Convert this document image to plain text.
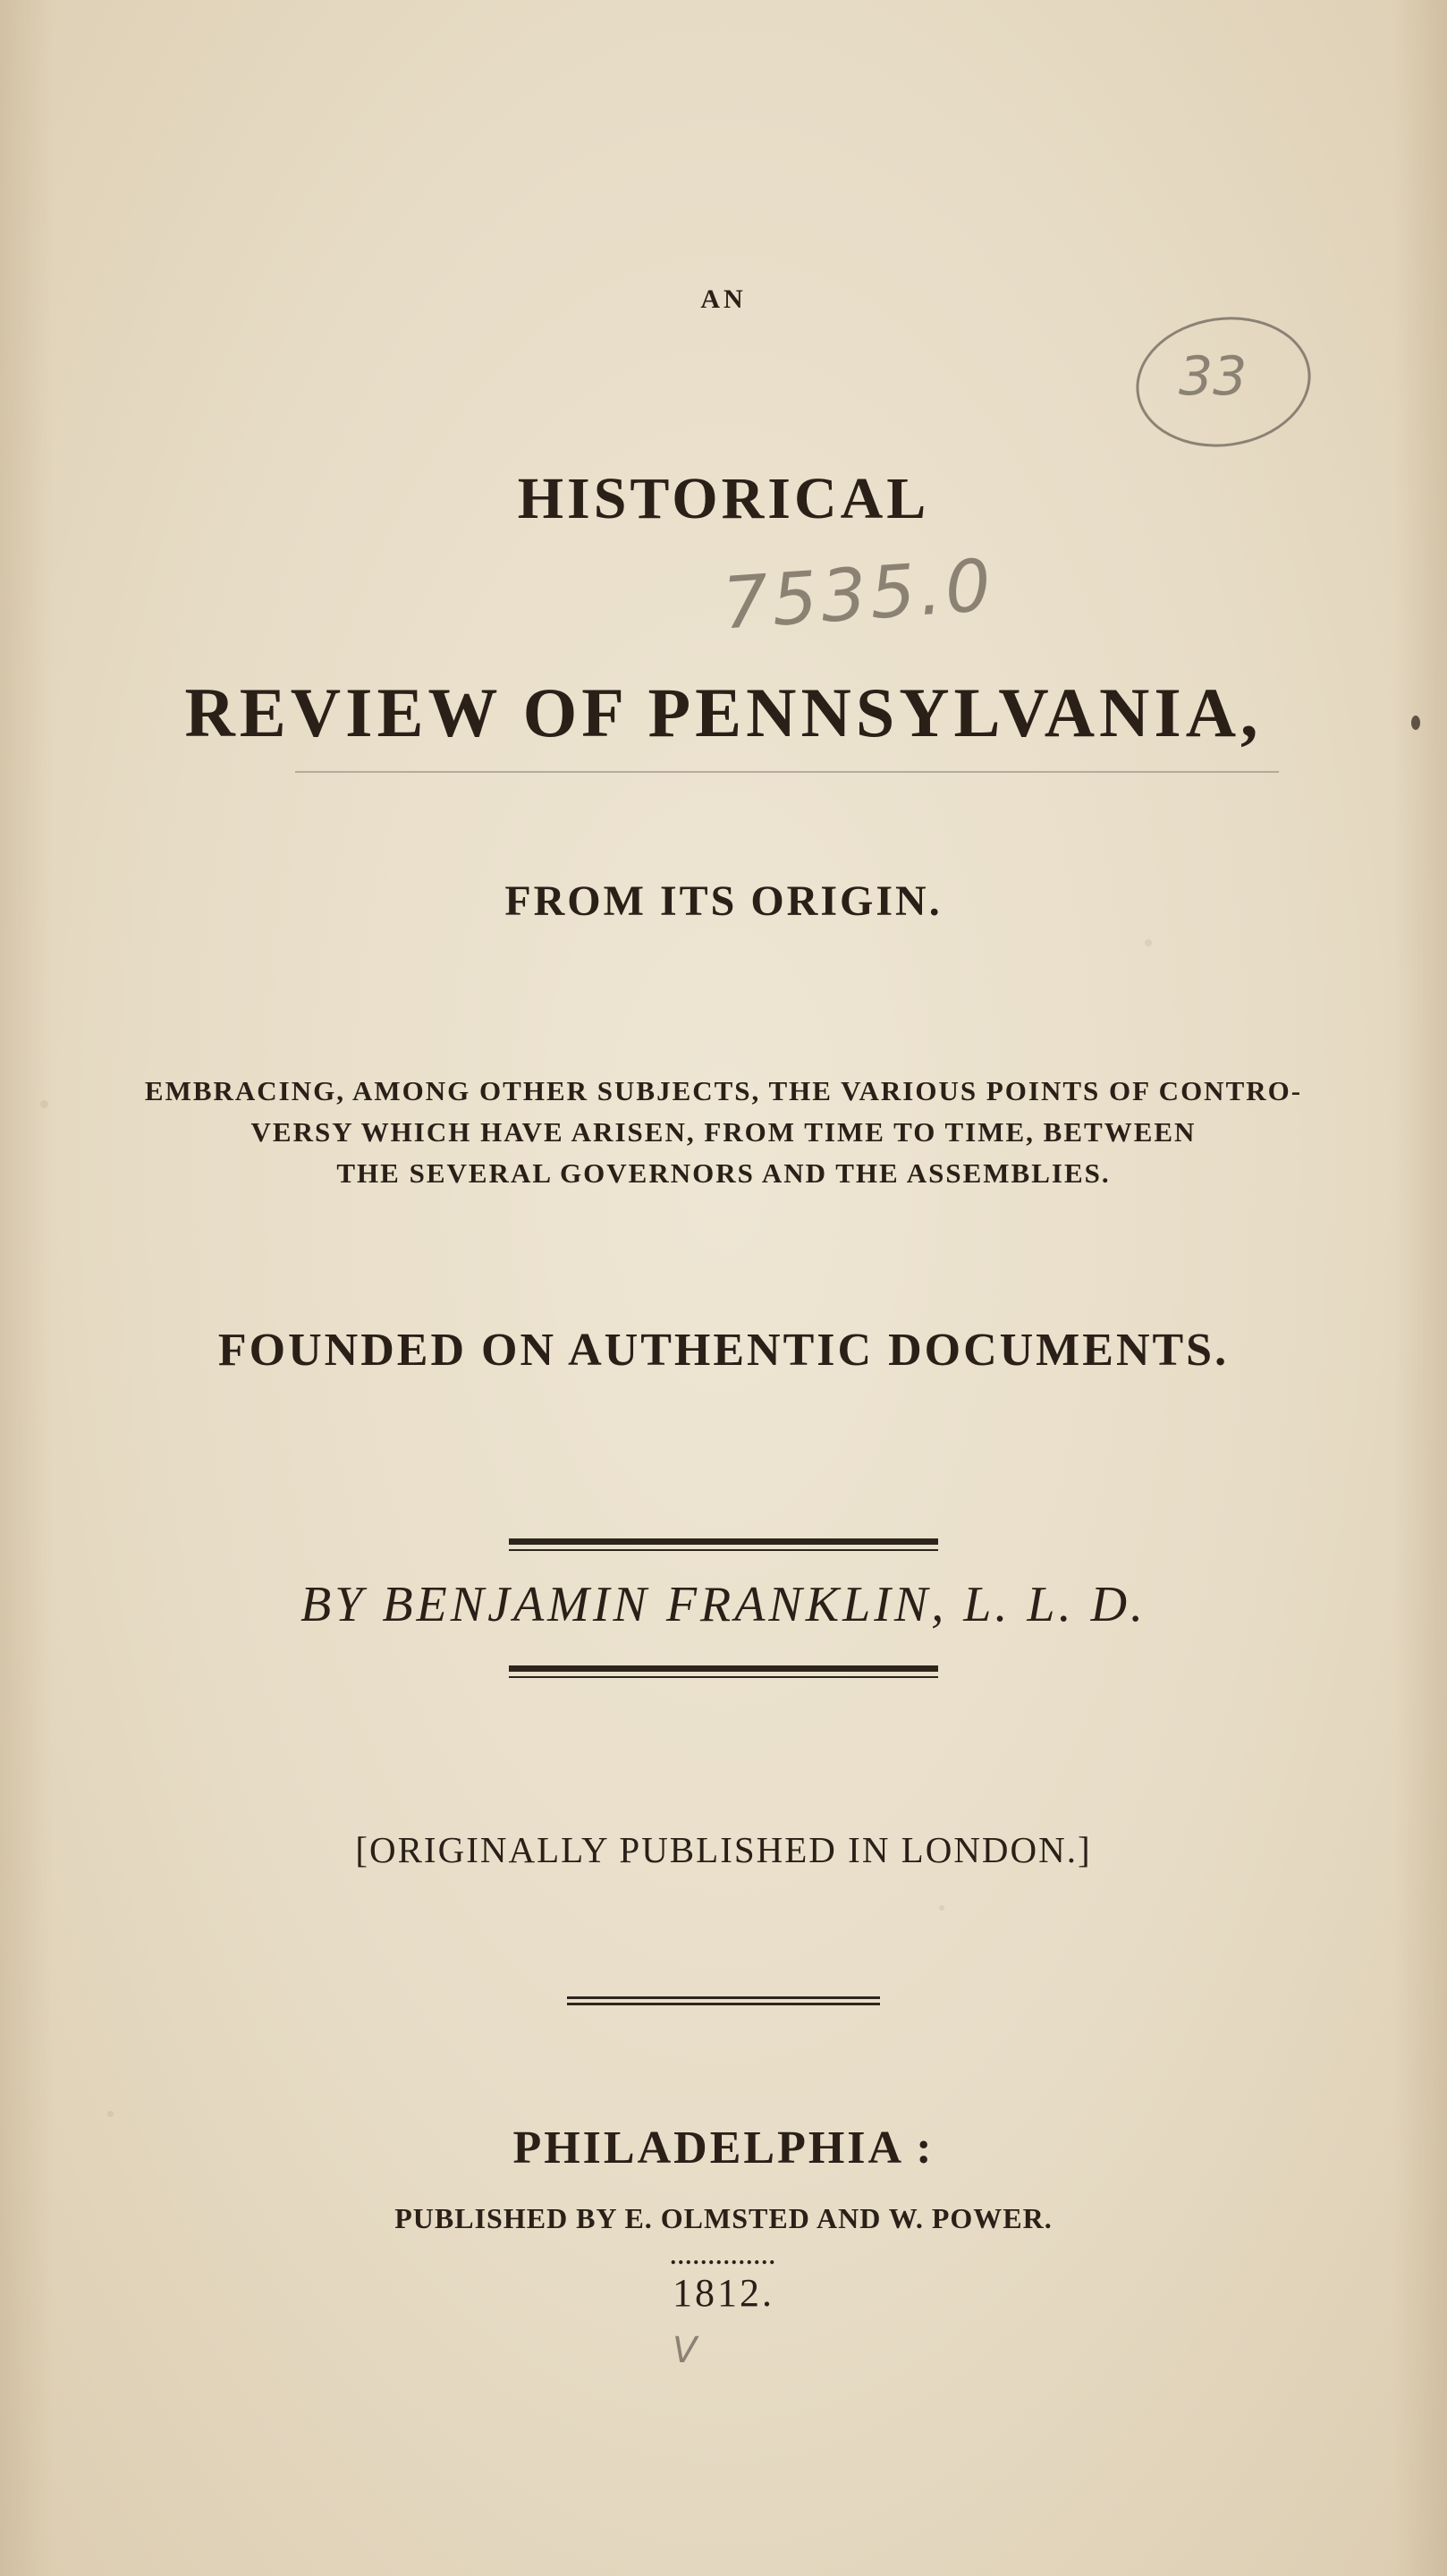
33
7535.0
V
AN
HISTORICAL
REVIEW OF PENNSYLVANIA,
FROM ITS ORIGIN.
EMBRACING, AMONG OTHER SUBJECTS, THE VARIOUS POINTS OF CONTRO-
VERSY WHICH HAVE ARISEN, FROM TIME TO TIME, BETWEEN
THE SEVERAL GOVERNORS AND THE ASSEMBLIES.
FOUNDED ON AUTHENTIC DOCUMENTS.
BY BENJAMIN FRANKLIN, L. L. D.
[ORIGINALLY PUBLISHED IN LONDON.]
PHILADELPHIA :
PUBLISHED BY E. OLMSTED AND W. POWER.
..............
1812.
